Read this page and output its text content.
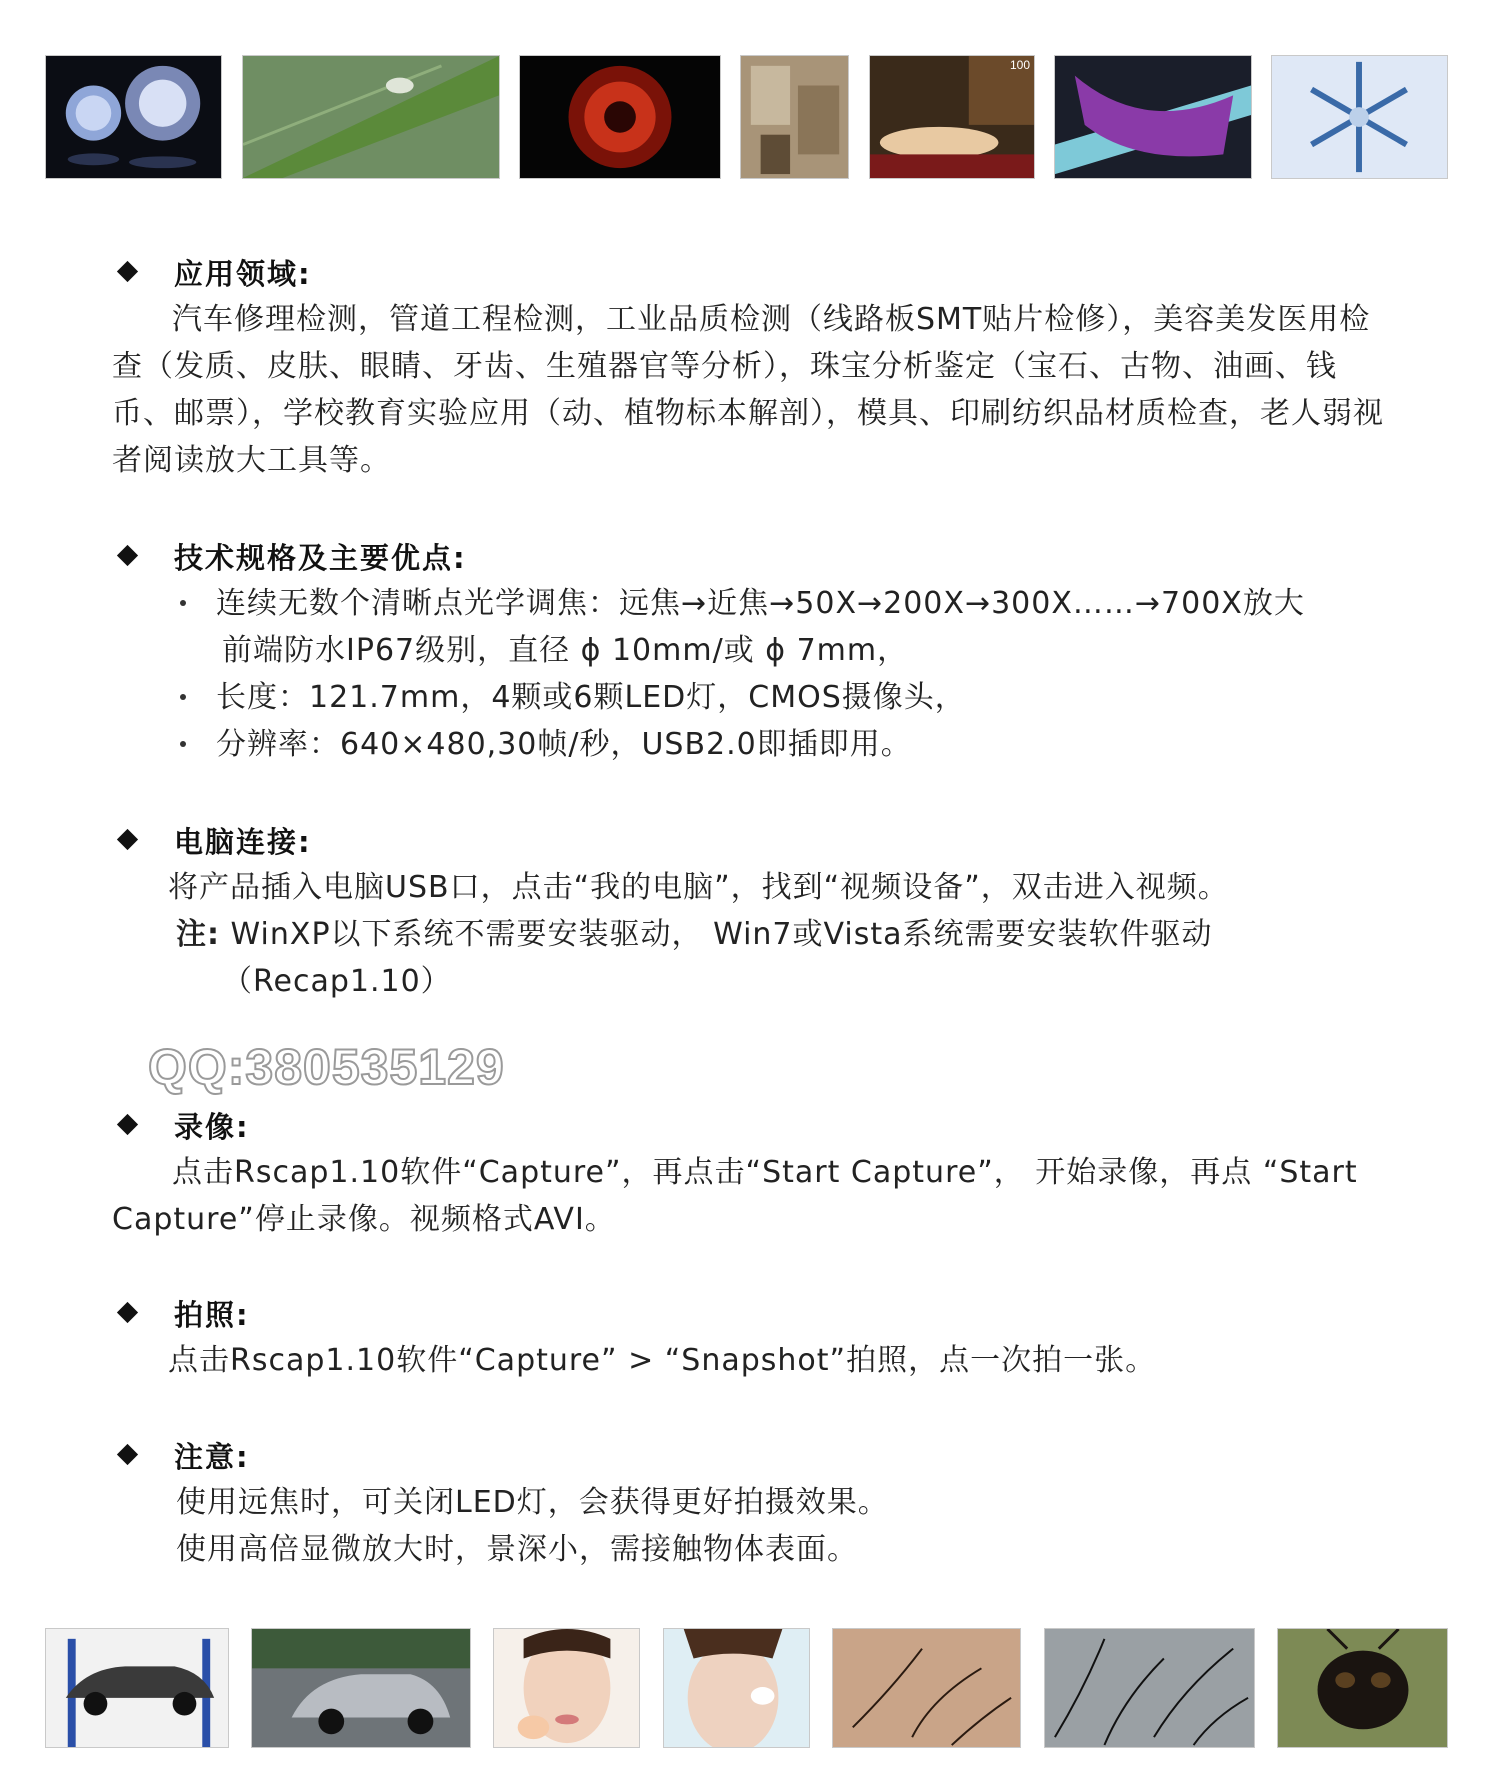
100
应用领域:
汽车修理检测，管道工程检测，工业品质检测（线路板SMT贴片检修），美容美发医用检查（发质、皮肤、眼睛、牙齿、生殖器官等分析），珠宝分析鉴定（宝石、古物、油画、钱币、邮票），学校教育实验应用（动、植物标本解剖），模具、印刷纺织品材质检查，老人弱视者阅读放大工具等。
技术规格及主要优点:
连续无数个清晰点光学调焦：远焦→近焦→50X→200X→300X……→700X放大
前端防水IP67级别，直径 ϕ 10mm/或 ϕ 7mm，
长度：121.7mm，4颗或6颗LED灯，CMOS摄像头，
分辨率：640×480,30帧/秒，USB2.0即插即用。
电脑连接:
将产品插入电脑USB口，点击“我的电脑”，找到“视频设备”，双击进入视频。
注: WinXP以下系统不需要安装驱动， Win7或Vista系统需要安装软件驱动
（Recap1.10）
QQ:380535129
录像:
点击Rscap1.10软件“Capture”，再点击“Start Capture”， 开始录像，再点 “Start Capture”停止录像。视频格式AVI。
拍照:
点击Rscap1.10软件“Capture” > “Snapshot”拍照，点一次拍一张。
注意:
使用远焦时，可关闭LED灯，会获得更好拍摄效果。
使用高倍显微放大时，景深小，需接触物体表面。
